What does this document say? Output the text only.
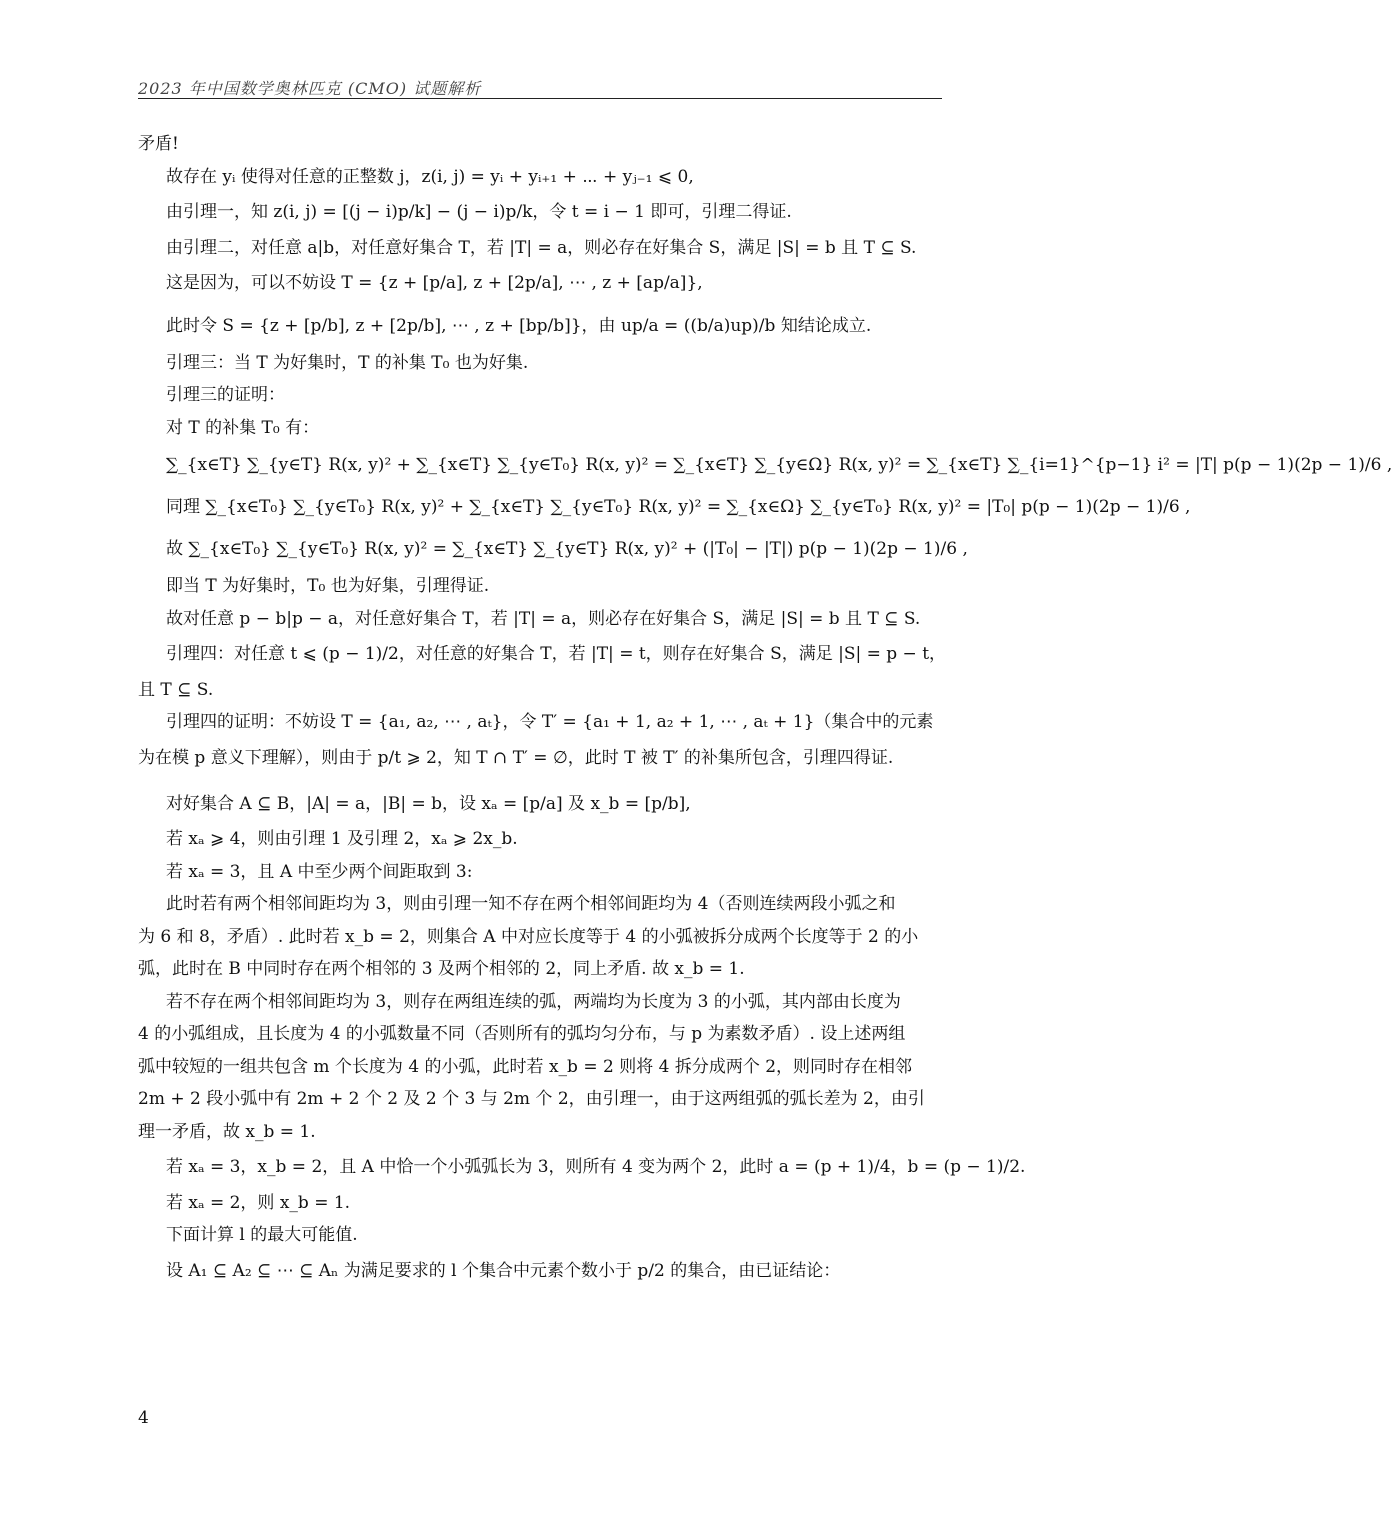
2023 年中国数学奥林匹克 (CMO) 试题解析
矛盾!
故存在 yᵢ 使得对任意的正整数 j，z(i, j) = yᵢ + yᵢ₊₁ + ⋯ + yⱼ₋₁ ⩽ 0,
由引理一，知 z(i, j) = [(j − i)p/k] − (j − i)p/k，令 t = i − 1 即可，引理二得证.
由引理二，对任意 a|b，对任意好集合 T，若 |T| = a，则必存在好集合 S，满足 |S| = b 且 T ⊆ S.
这是因为，可以不妨设 T = {z + [p/a], z + [2p/a], ⋯ , z + [ap/a]},
此时令 S = {z + [p/b], z + [2p/b], ⋯ , z + [bp/b]}，由 up/a = ((b/a)up)/b 知结论成立.
引理三：当 T 为好集时，T 的补集 T₀ 也为好集.
引理三的证明：
对 T 的补集 T₀ 有：
∑_{x∈T} ∑_{y∈T} R(x, y)² + ∑_{x∈T} ∑_{y∈T₀} R(x, y)² = ∑_{x∈T} ∑_{y∈Ω} R(x, y)² = ∑_{x∈T} ∑_{i=1}^{p−1} i² = |T| p(p − 1)(2p − 1)/6 ,
同理 ∑_{x∈T₀} ∑_{y∈T₀} R(x, y)² + ∑_{x∈T} ∑_{y∈T₀} R(x, y)² = ∑_{x∈Ω} ∑_{y∈T₀} R(x, y)² = |T₀| p(p − 1)(2p − 1)/6 ,
故 ∑_{x∈T₀} ∑_{y∈T₀} R(x, y)² = ∑_{x∈T} ∑_{y∈T} R(x, y)² + (|T₀| − |T|) p(p − 1)(2p − 1)/6 ,
即当 T 为好集时，T₀ 也为好集，引理得证.
故对任意 p − b|p − a，对任意好集合 T，若 |T| = a，则必存在好集合 S，满足 |S| = b 且 T ⊆ S.
引理四：对任意 t ⩽ (p − 1)/2，对任意的好集合 T，若 |T| = t，则存在好集合 S，满足 |S| = p − t，
且 T ⊆ S.
引理四的证明：不妨设 T = {a₁, a₂, ⋯ , aₜ}，令 T′ = {a₁ + 1, a₂ + 1, ⋯ , aₜ + 1}（集合中的元素
为在模 p 意义下理解），则由于 p/t ⩾ 2，知 T ∩ T′ = ∅，此时 T 被 T′ 的补集所包含，引理四得证.
对好集合 A ⊆ B，|A| = a，|B| = b，设 xₐ = [p/a] 及 x_b = [p/b],
若 xₐ ⩾ 4，则由引理 1 及引理 2，xₐ ⩾ 2x_b.
若 xₐ = 3，且 A 中至少两个间距取到 3:
此时若有两个相邻间距均为 3，则由引理一知不存在两个相邻间距均为 4（否则连续两段小弧之和
为 6 和 8，矛盾）. 此时若 x_b = 2，则集合 A 中对应长度等于 4 的小弧被拆分成两个长度等于 2 的小
弧，此时在 B 中同时存在两个相邻的 3 及两个相邻的 2，同上矛盾. 故 x_b = 1.
若不存在两个相邻间距均为 3，则存在两组连续的弧，两端均为长度为 3 的小弧，其内部由长度为
4 的小弧组成，且长度为 4 的小弧数量不同（否则所有的弧均匀分布，与 p 为素数矛盾）. 设上述两组
弧中较短的一组共包含 m 个长度为 4 的小弧，此时若 x_b = 2 则将 4 拆分成两个 2，则同时存在相邻
2m + 2 段小弧中有 2m + 2 个 2 及 2 个 3 与 2m 个 2，由引理一，由于这两组弧的弧长差为 2，由引
理一矛盾，故 x_b = 1.
若 xₐ = 3，x_b = 2，且 A 中恰一个小弧弧长为 3，则所有 4 变为两个 2，此时 a = (p + 1)/4，b = (p − 1)/2.
若 xₐ = 2，则 x_b = 1.
下面计算 l 的最大可能值.
设 A₁ ⊆ A₂ ⊆ ⋯ ⊆ Aₙ 为满足要求的 l 个集合中元素个数小于 p/2 的集合，由已证结论：
4
